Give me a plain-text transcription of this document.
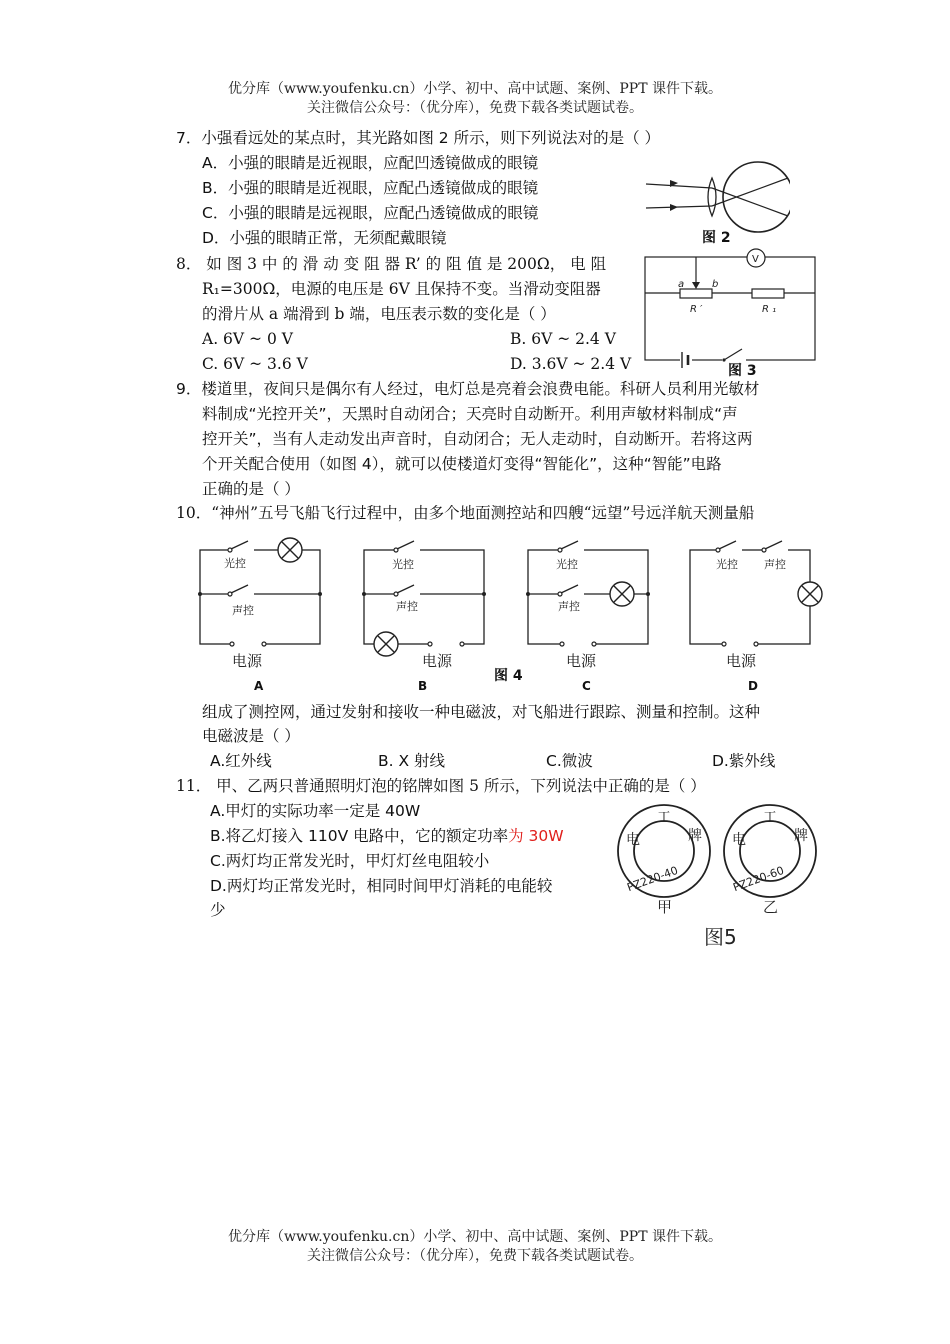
优分库（www.youfenku.cn）小学、初中、高中试题、案例、PPT 课件下载。
关注微信公众号：（优分库），免费下载各类试题试卷。
7．小强看远处的某点时，其光路如图 2 所示，则下列说法对的是（ ）
A．小强的眼睛是近视眼，应配凹透镜做成的眼镜
B．小强的眼睛是近视眼，应配凸透镜做成的眼镜
C．小强的眼睛是远视眼，应配凸透镜做成的眼镜
D．小强的眼睛正常，无须配戴眼镜	图 2
8． 如 图 3 中 的 滑 动 变 阻 器 R’ 的 阻 值 是 200Ω， 电 阻
R₁=300Ω，电源的电压是 6V 且保持不变。当滑动变阻器
的滑片从 a 端滑到 b 端，电压表示数的变化是（ ）
A. 6V ~ 0 V	B. 6V ~ 2.4 V
C. 6V ~ 3.6 V	D. 3.6V ~ 2.4 V
V
a	b
R ′	R ₁
图 3
9．楼道里，夜间只是偶尔有人经过，电灯总是亮着会浪费电能。科研人员利用光敏材
料制成“光控开关”，天黑时自动闭合；天亮时自动断开。利用声敏材料制成“声
控开关”，当有人走动发出声音时，自动闭合；无人走动时，自动断开。若将这两
个开关配合使用（如图 4），就可以使楼道灯变得“智能化”，这种“智能”电路
正确的是（ ）
10．“神州”五号飞船飞行过程中，由多个地面测控站和四艘“远望”号远洋航天测量船
光控
声控
电源
A
光控
声控
电源
B
光控
声控
电源
C
光控 声控
电源
D
图 4
组成了测控网，通过发射和接收一种电磁波，对飞船进行跟踪、测量和控制。这种
电磁波是（ ）
A.红外线	B. X 射线	C.微波	D.紫外线
11． 甲、乙两只普通照明灯泡的铭牌如图 5 所示，下列说法中正确的是（ ）
A.甲灯的实际功率一定是 40W
B.将乙灯接入 110V 电路中，它的额定功率为 30W
C.两灯均正常发光时，甲灯灯丝电阻较小
D.两灯均正常发光时，相同时间甲灯消耗的电能较
少
电
工
牌
PZ220-40
甲
电
工
牌
PZ220-60
乙
图5
优分库（www.youfenku.cn）小学、初中、高中试题、案例、PPT 课件下载。
关注微信公众号：（优分库），免费下载各类试题试卷。
